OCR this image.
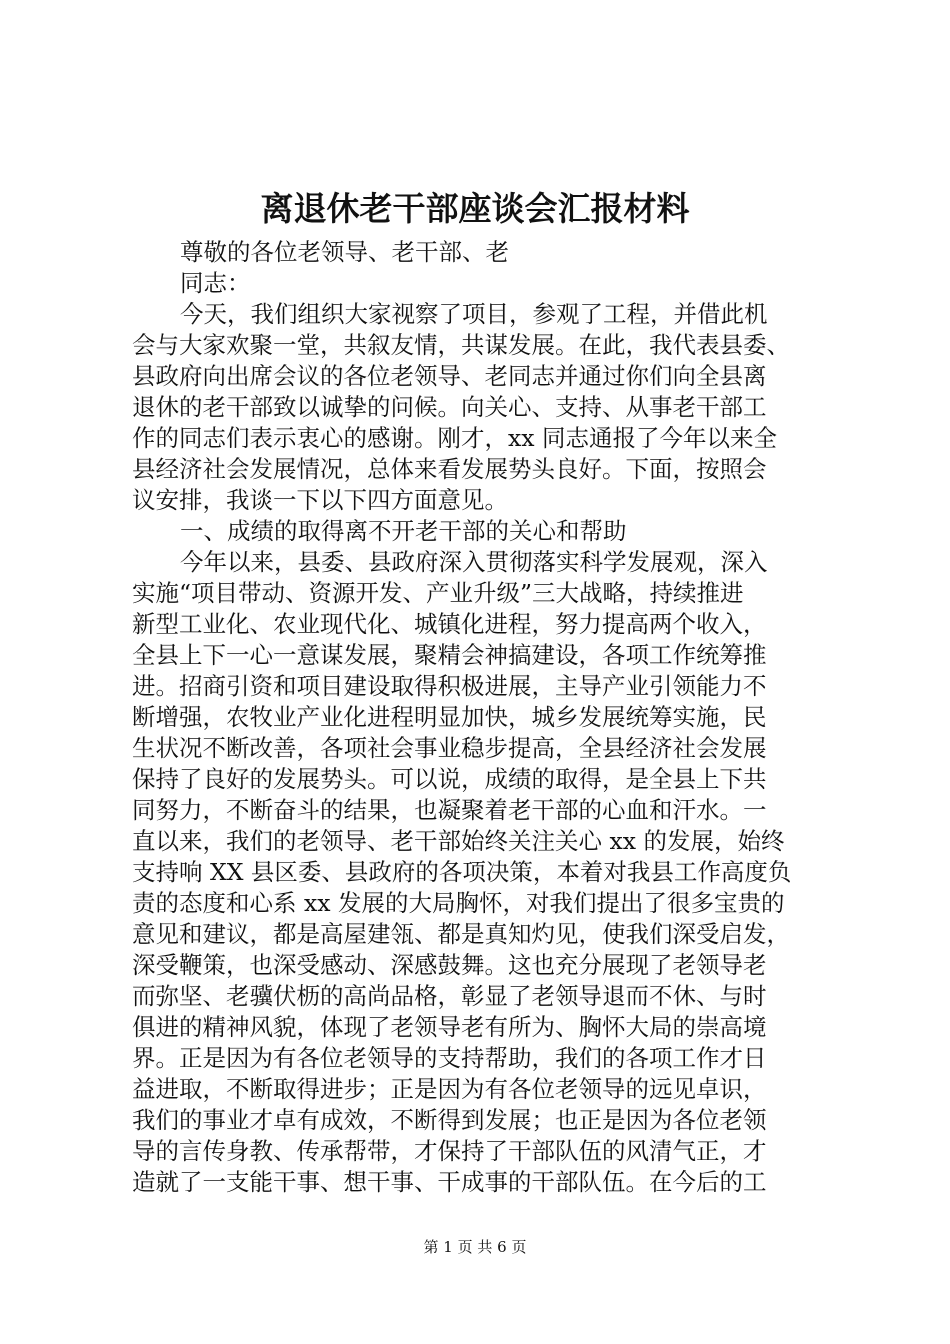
离退休老干部座谈会汇报材料
尊敬的各位老领导、老干部、老
同志：
今天，我们组织大家视察了项目，参观了工程，并借此机
会与大家欢聚一堂，共叙友情，共谋发展。在此，我代表县委、
县政府向出席会议的各位老领导、老同志并通过你们向全县离
退休的老干部致以诚挚的问候。向关心、支持、从事老干部工
作的同志们表示衷心的感谢。刚才，xx 同志通报了今年以来全
县经济社会发展情况，总体来看发展势头良好。下面，按照会
议安排，我谈一下以下四方面意见。
一、成绩的取得离不开老干部的关心和帮助
今年以来，县委、县政府深入贯彻落实科学发展观，深入
实施“项目带动、资源开发、产业升级”三大战略，持续推进
新型工业化、农业现代化、城镇化进程，努力提高两个收入，
全县上下一心一意谋发展，聚精会神搞建设，各项工作统筹推
进。招商引资和项目建设取得积极进展，主导产业引领能力不
断增强，农牧业产业化进程明显加快，城乡发展统筹实施，民
生状况不断改善，各项社会事业稳步提高，全县经济社会发展
保持了良好的发展势头。可以说，成绩的取得，是全县上下共
同努力，不断奋斗的结果，也凝聚着老干部的心血和汗水。一
直以来，我们的老领导、老干部始终关注关心 xx 的发展，始终
支持响 XX 县区委、县政府的各项决策，本着对我县工作高度负
责的态度和心系 xx 发展的大局胸怀，对我们提出了很多宝贵的
意见和建议，都是高屋建瓴、都是真知灼见，使我们深受启发，
深受鞭策，也深受感动、深感鼓舞。这也充分展现了老领导老
而弥坚、老骥伏枥的高尚品格，彰显了老领导退而不休、与时
俱进的精神风貌，体现了老领导老有所为、胸怀大局的崇高境
界。正是因为有各位老领导的支持帮助，我们的各项工作才日
益进取，不断取得进步；正是因为有各位老领导的远见卓识，
我们的事业才卓有成效，不断得到发展；也正是因为各位老领
导的言传身教、传承帮带，才保持了干部队伍的风清气正，才
造就了一支能干事、想干事、干成事的干部队伍。在今后的工
第 1 页 共 6 页
